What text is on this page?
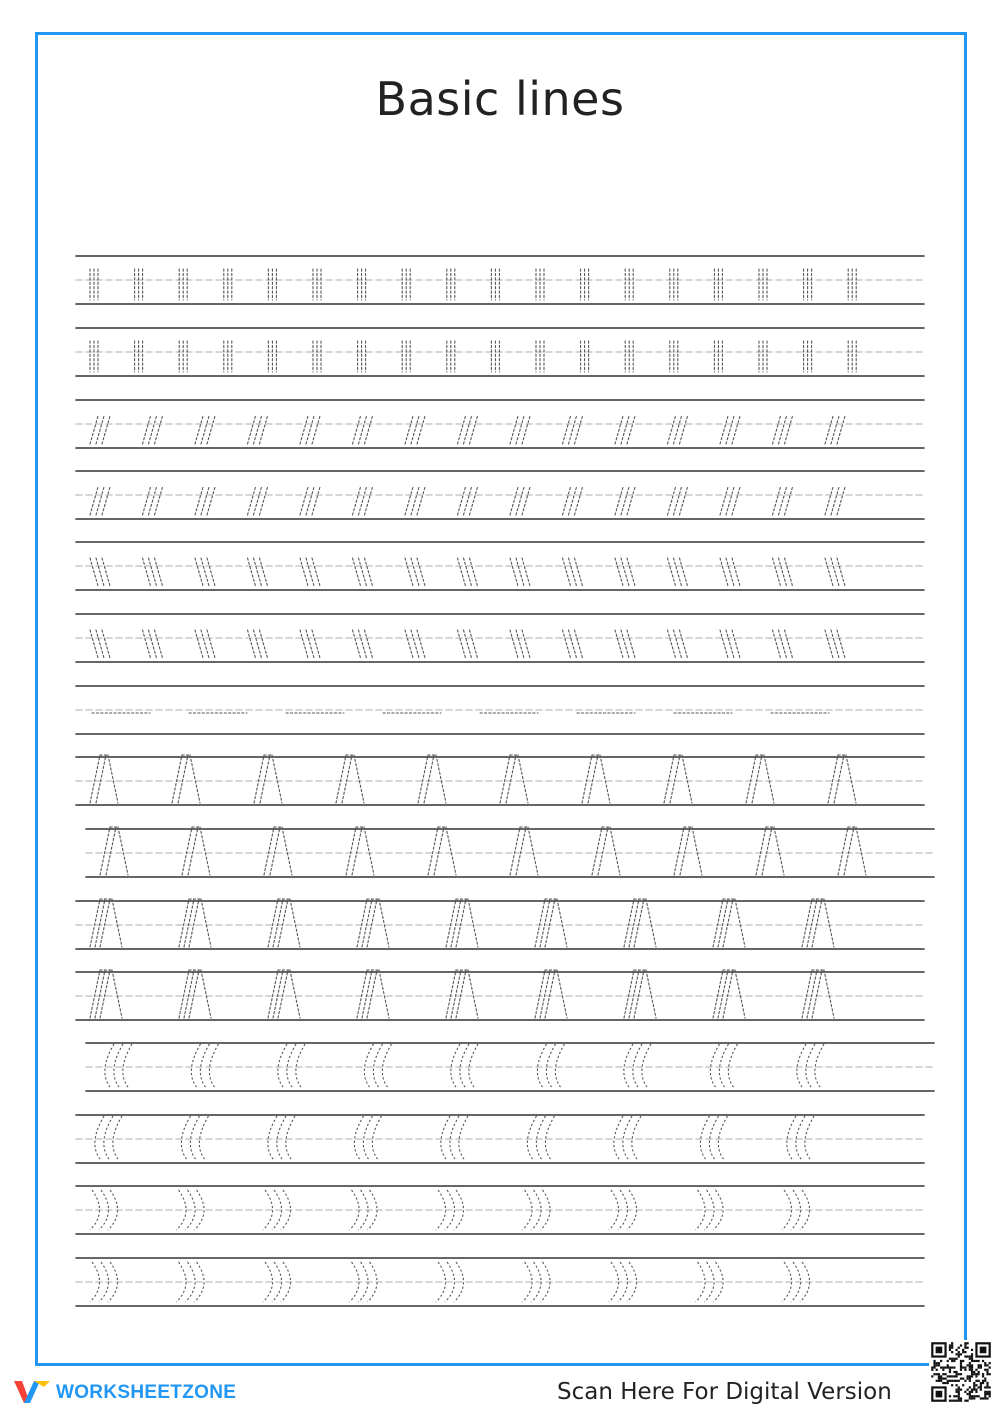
Basic lines
WORKSHEETZONE	Scan Here For Digital Version
